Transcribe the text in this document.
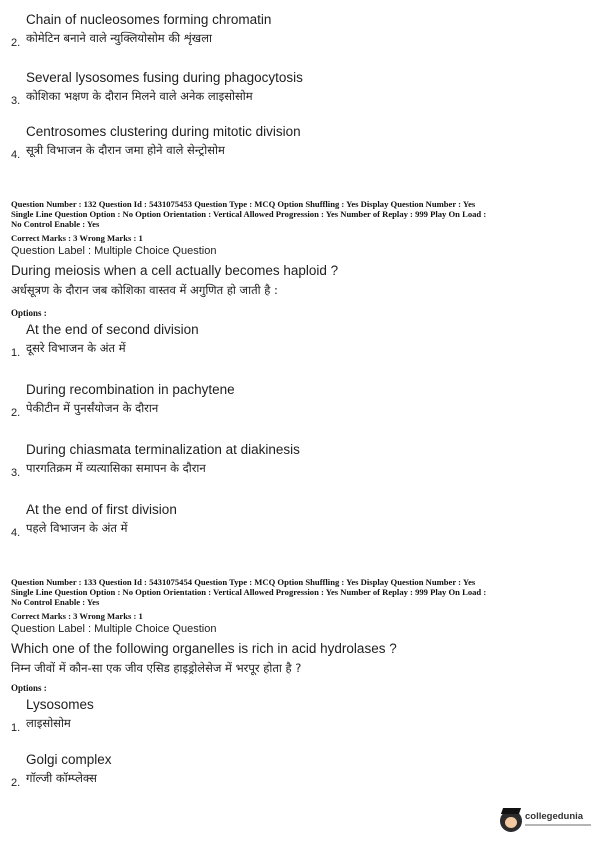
Chain of nucleosomes forming chromatin
कोमेटिन बनाने वाले न्युक्लियोसोम की शृंखला
2.
Several lysosomes fusing during phagocytosis
कोशिका भक्षण के दौरान मिलने वाले अनेक लाइसोसोम
3.
Centrosomes clustering during mitotic division
सूत्री विभाजन के दौरान जमा होने वाले सेन्ट्रोसोम
4.
Question Number : 132 Question Id : 5431075453 Question Type : MCQ Option Shuffling : Yes Display Question Number : Yes
Single Line Question Option : No Option Orientation : Vertical Allowed Progression : Yes Number of Replay : 999 Play On Load :
No Control Enable : Yes
Correct Marks : 3 Wrong Marks : 1
Question Label : Multiple Choice Question
During meiosis when a cell actually becomes haploid ?
अर्धसूत्रण के दौरान जब कोशिका वास्तव में अगुणित हो जाती है :
Options :
At the end of second division
दूसरे विभाजन के अंत में
1.
During recombination in pachytene
पेकीटीन में पुनर्संयोजन के दौरान
2.
During chiasmata terminalization at diakinesis
पारगतिक्रम में व्यत्यासिका समापन के दौरान
3.
At the end of first division
पहले विभाजन के अंत में
4.
Question Number : 133 Question Id : 5431075454 Question Type : MCQ Option Shuffling : Yes Display Question Number : Yes
Single Line Question Option : No Option Orientation : Vertical Allowed Progression : Yes Number of Replay : 999 Play On Load :
No Control Enable : Yes
Correct Marks : 3 Wrong Marks : 1
Question Label : Multiple Choice Question
Which one of the following organelles is rich in acid hydrolases ?
निम्न जीवों में कौन-सा एक जीव एसिड हाइड्रोलेसेज में भरपूर होता है ?
Options :
Lysosomes
लाइसोसोम
1.
Golgi complex
गॉल्जी कॉम्प्लेक्स
2.
collegedunia
